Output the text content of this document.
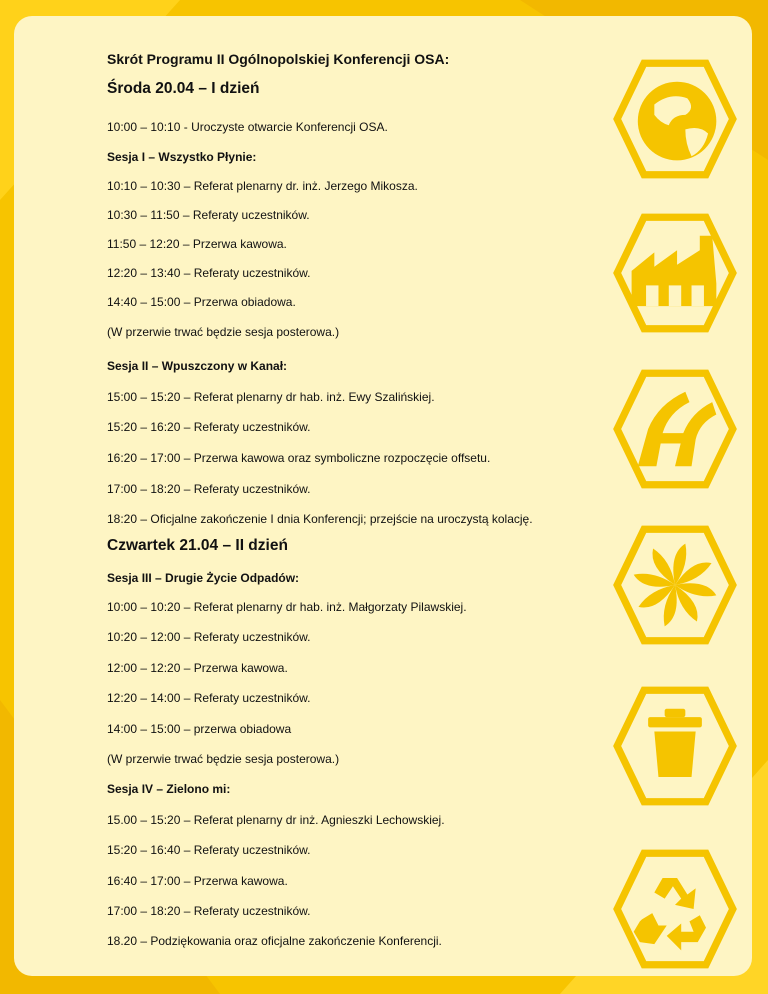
Skrót Programu II Ogólnopolskiej Konferencji OSA:
Środa 20.04 – I dzień
10:00 – 10:10 - Uroczyste otwarcie Konferencji OSA.
Sesja I – Wszystko Płynie:
10:10 – 10:30 – Referat plenarny dr. inż. Jerzego Mikosza.
10:30 – 11:50 – Referaty uczestników.
11:50 – 12:20 – Przerwa kawowa.
12:20 – 13:40 – Referaty uczestników.
14:40 – 15:00 – Przerwa obiadowa.
(W przerwie trwać będzie sesja posterowa.)
Sesja II – Wpuszczony w Kanał:
15:00 – 15:20 – Referat plenarny dr hab. inż. Ewy Szalińskiej.
15:20 – 16:20 – Referaty uczestników.
16:20 – 17:00 – Przerwa kawowa oraz symboliczne rozpoczęcie offsetu.
17:00 – 18:20 – Referaty uczestników.
18:20 – Oficjalne zakończenie I dnia Konferencji; przejście na uroczystą kolację.
Czwartek 21.04 – II dzień
Sesja III – Drugie Życie Odpadów:
10:00 – 10:20 – Referat plenarny dr hab. inż. Małgorzaty Pilawskiej.
10:20 – 12:00 – Referaty uczestników.
12:00 – 12:20 – Przerwa kawowa.
12:20 – 14:00 – Referaty uczestników.
14:00 – 15:00 – przerwa obiadowa
(W przerwie trwać będzie sesja posterowa.)
Sesja IV – Zielono mi:
15.00 – 15:20 – Referat plenarny dr inż. Agnieszki Lechowskiej.
15:20 – 16:40 – Referaty uczestników.
16:40 – 17:00 – Przerwa kawowa.
17:00 – 18:20 – Referaty uczestników.
18.20 – Podziękowania oraz oficjalne zakończenie Konferencji.
